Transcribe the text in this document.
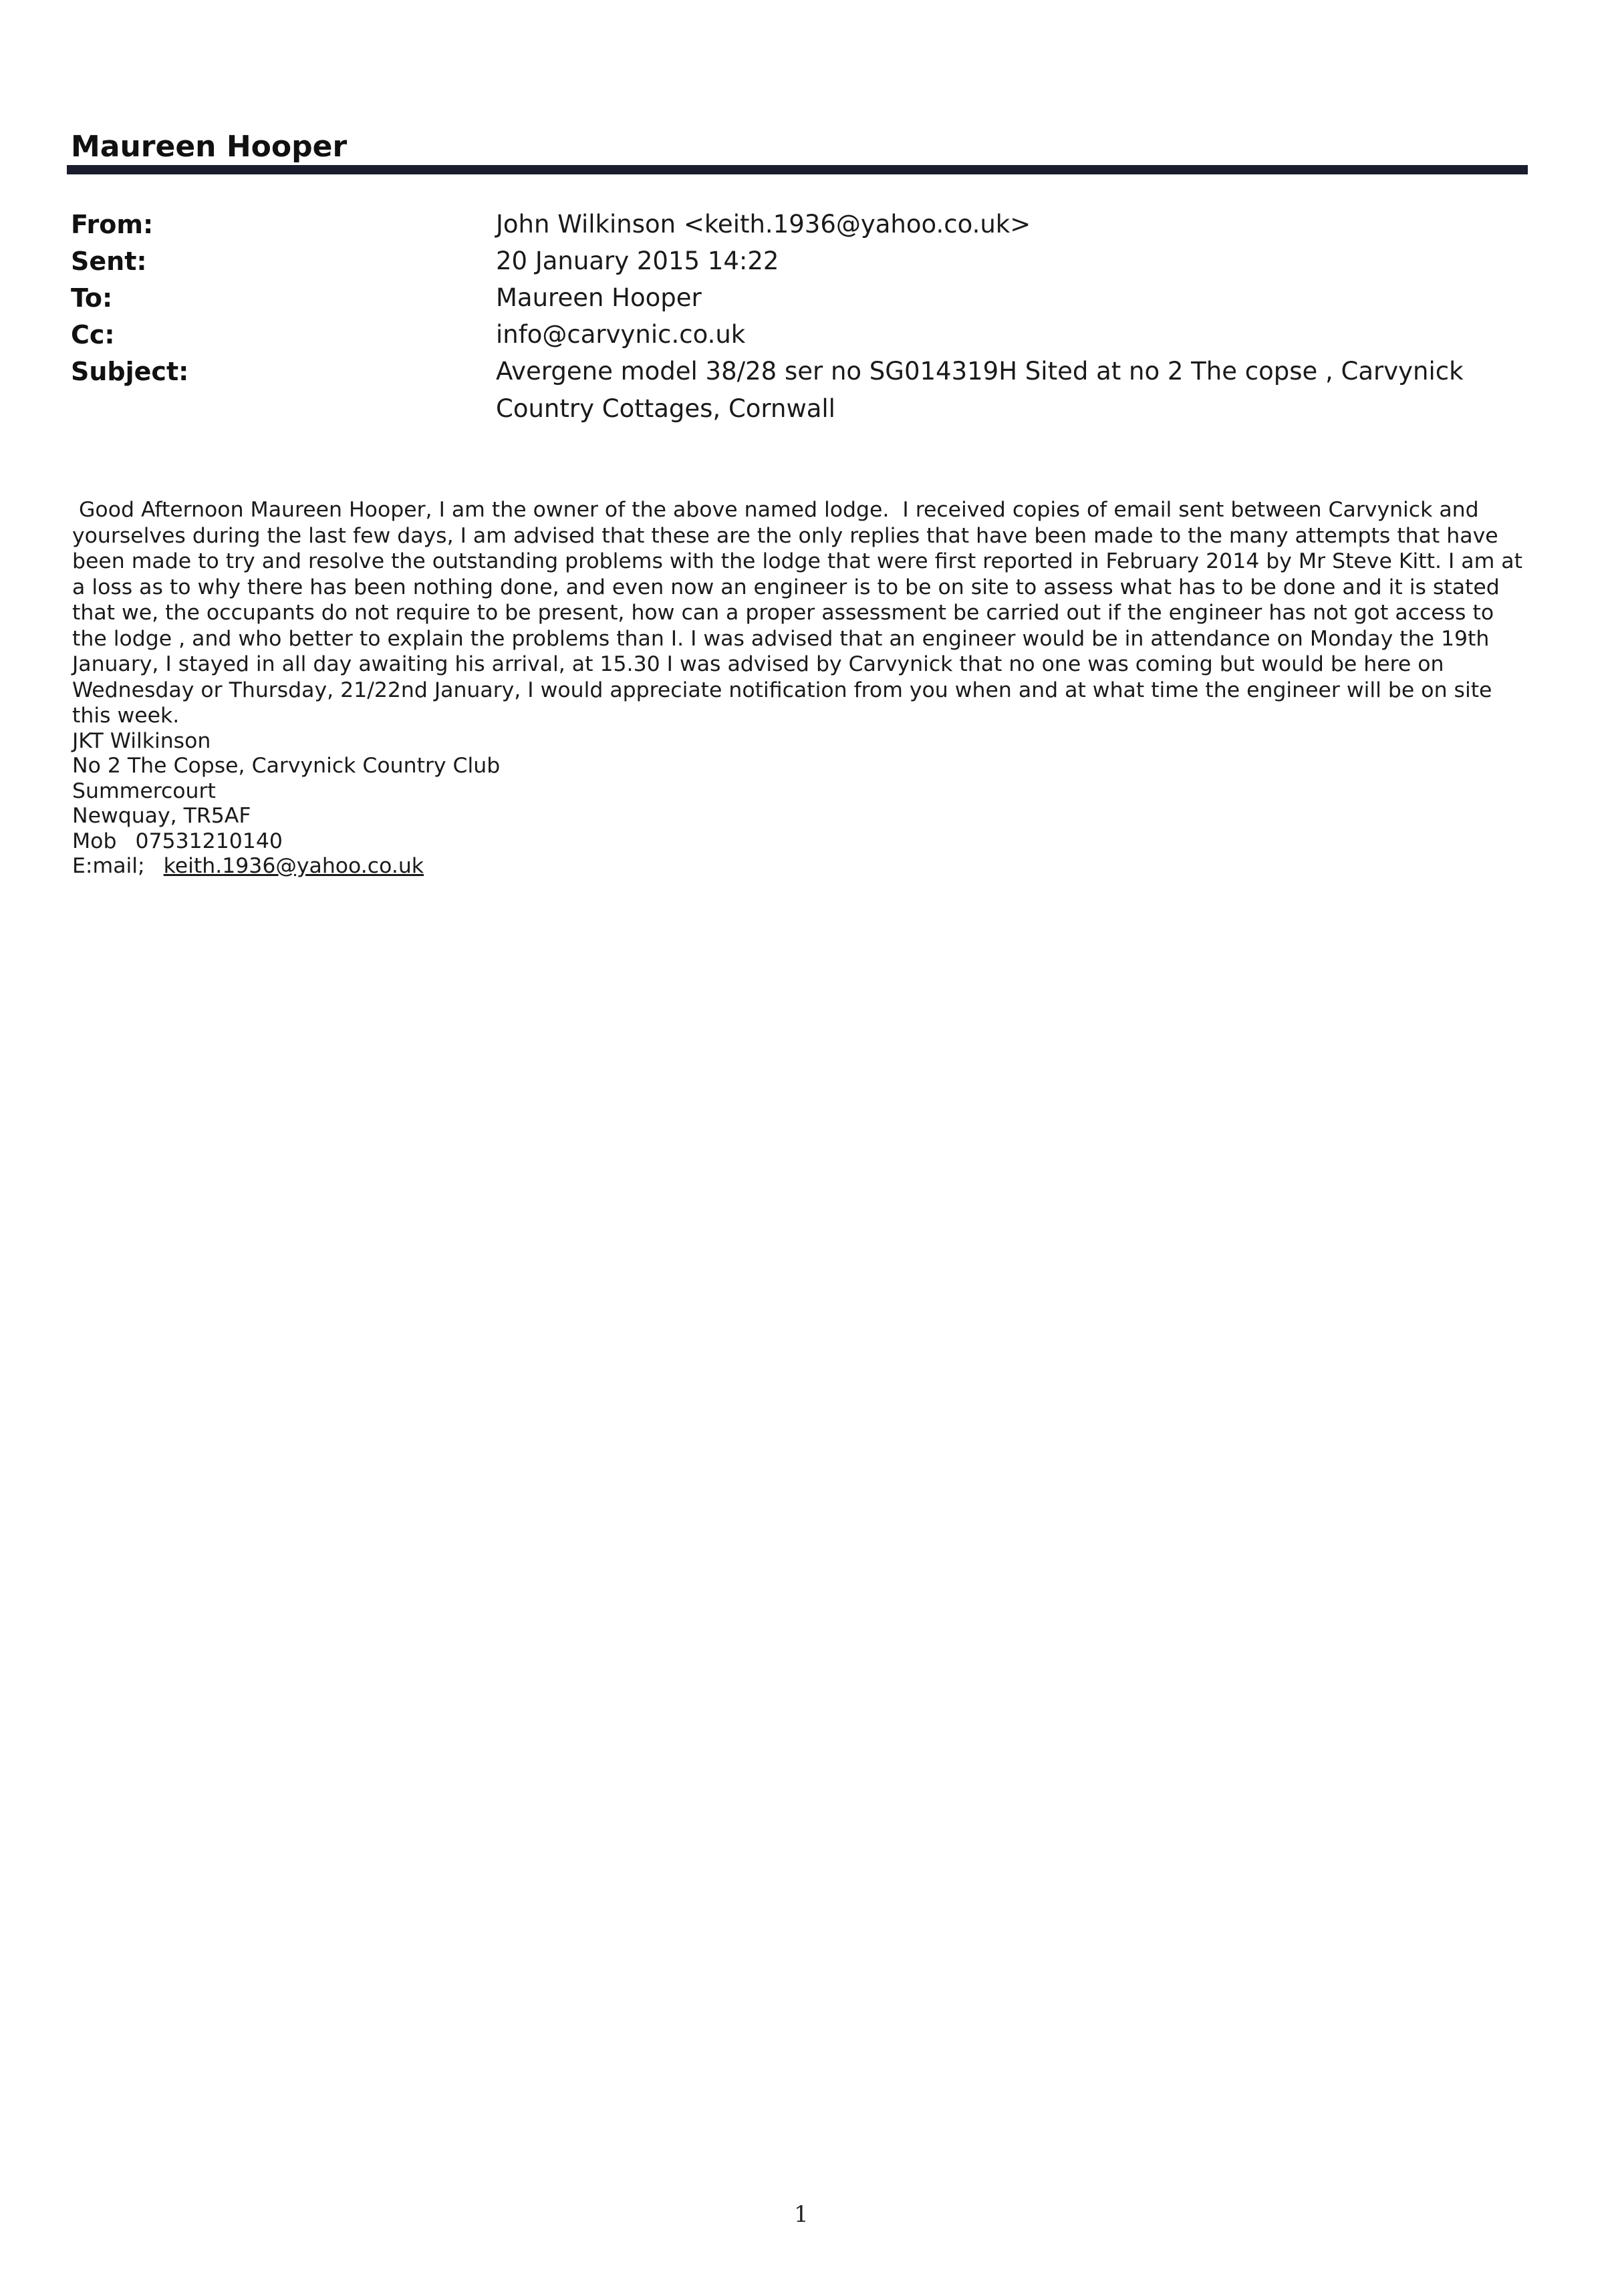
Maureen Hooper
From:	John Wilkinson <keith.1936@yahoo.co.uk>
Sent:	20 January 2015 14:22
To:	Maureen Hooper
Cc:	info@carvynic.co.uk
Subject:	Avergene model 38/28 ser no SG014319H Sited at no 2 The copse , Carvynick Country Cottages, Cornwall

Good Afternoon Maureen Hooper, I am the owner of the above named lodge.  I received copies of email sent between Carvynick and yourselves during the last few days, I am advised that these are the only replies that have been made to the many attempts that have been made to try and resolve the outstanding problems with the lodge that were first reported in February 2014 by Mr Steve Kitt. I am at a loss as to why there has been nothing done, and even now an engineer is to be on site to assess what has to be done and it is stated that we, the occupants do not require to be present, how can a proper assessment be carried out if the engineer has not got access to the lodge , and who better to explain the problems than I. I was advised that an engineer would be in attendance on Monday the 19th January, I stayed in all day awaiting his arrival, at 15.30 I was advised by Carvynick that no one was coming but would be here on Wednesday or Thursday, 21/22nd January, I would appreciate notification from you when and at what time the engineer will be on site this week.

JKT Wilkinson
No 2 The Copse, Carvynick Country Club
Summercourt
Newquay, TR5AF
Mob 07531210140
E:mail; keith.1936@yahoo.co.uk
1
